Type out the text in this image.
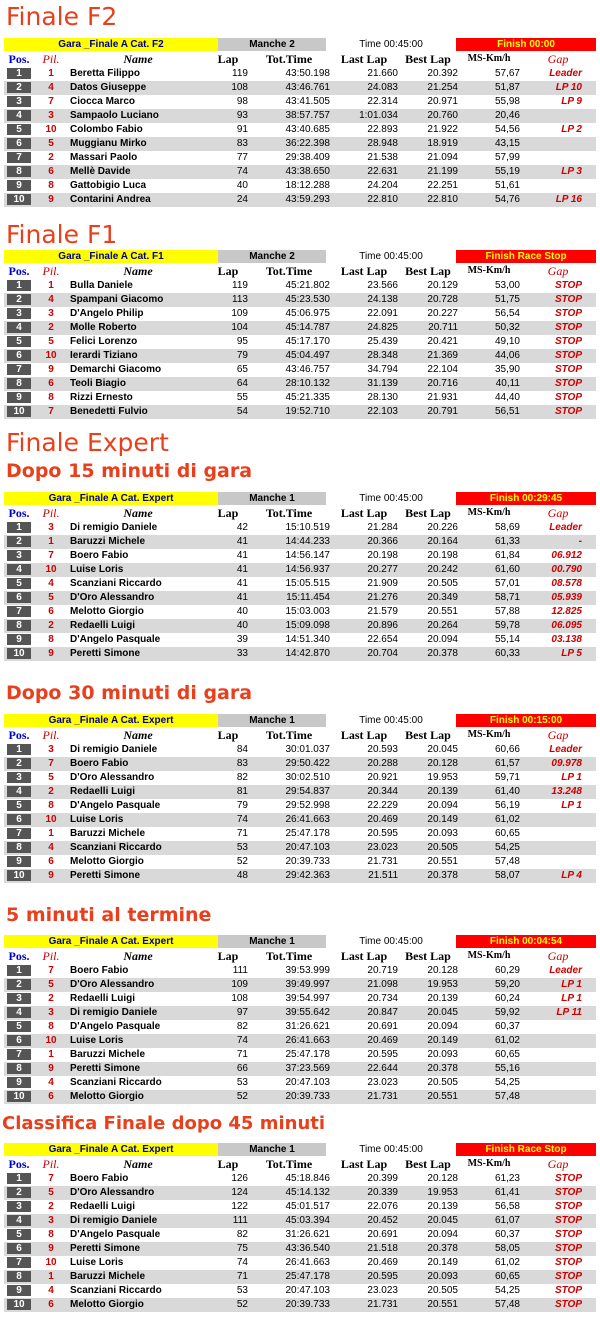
Finale F2
Gara _Finale A Cat. F2	Manche 2	Time 00:45:00	Finish 00:00
Pos.	Pil.	Name	Lap	Tot.Time	Last Lap	Best Lap	MS-Km/h	Gap
1	1	Beretta Filippo	119	43:50.198	21.660	20.392	57,67	Leader
2	4	Datos Giuseppe	108	43:46.761	24.083	21.254	51,87	LP 10
3	7	Ciocca Marco	98	43:41.505	22.314	20.971	55,98	LP 9
4	3	Sampaolo Luciano	93	38:57.757	1:01.034	20.760	20,46
5	10	Colombo Fabio	91	43:40.685	22.893	21.922	54,56	LP 2
6	5	Muggianu Mirko	83	36:22.398	28.948	18.919	43,15
7	2	Massari Paolo	77	29:38.409	21.538	21.094	57,99
8	6	Mellè Davide	74	43:38.650	22.631	21.199	55,19	LP 3
9	8	Gattobigio Luca	40	18:12.288	24.204	22.251	51,61
10	9	Contarini Andrea	24	43:59.293	22.810	22.810	54,76	LP 16
Finale F1
Gara _Finale A Cat. F1	Manche 2	Time 00:45:00	Finish Race Stop
Pos.	Pil.	Name	Lap	Tot.Time	Last Lap	Best Lap	MS-Km/h	Gap
1	1	Bulla Daniele	119	45:21.802	23.566	20.129	53,00	STOP
2	4	Spampani Giacomo	113	45:23.530	24.138	20.728	51,75	STOP
3	3	D'Angelo Philip	109	45:06.975	22.091	20.227	56,54	STOP
4	2	Molle Roberto	104	45:14.787	24.825	20.711	50,32	STOP
5	5	Felici Lorenzo	95	45:17.170	25.439	20.421	49,10	STOP
6	10	Ierardi Tiziano	79	45:04.497	28.348	21.369	44,06	STOP
7	9	Demarchi Giacomo	65	43:46.757	34.794	22.104	35,90	STOP
8	6	Teoli Biagio	64	28:10.132	31.139	20.716	40,11	STOP
9	8	Rizzi Ernesto	55	45:21.335	28.130	21.931	44,40	STOP
10	7	Benedetti Fulvio	54	19:52.710	22.103	20.791	56,51	STOP
Finale Expert
Dopo 15 minuti di gara
Gara _Finale A Cat. Expert	Manche 1	Time 00:45:00	Finish 00:29:45
Pos.	Pil.	Name	Lap	Tot.Time	Last Lap	Best Lap	MS-Km/h	Gap
1	3	Di remigio Daniele	42	15:10.519	21.284	20.226	58,69	Leader
2	1	Baruzzi Michele	41	14:44.233	20.366	20.164	61,33	-
3	7	Boero Fabio	41	14:56.147	20.198	20.198	61,84	06.912
4	10	Luise Loris	41	14:56.937	20.277	20.242	61,60	00.790
5	4	Scanziani Riccardo	41	15:05.515	21.909	20.505	57,01	08.578
6	5	D'Oro Alessandro	41	15:11.454	21.276	20.349	58,71	05.939
7	6	Melotto Giorgio	40	15:03.003	21.579	20.551	57,88	12.825
8	2	Redaelli Luigi	40	15:09.098	20.896	20.264	59,78	06.095
9	8	D'Angelo Pasquale	39	14:51.340	22.654	20.094	55,14	03.138
10	9	Peretti Simone	33	14:42.870	20.704	20.378	60,33	LP 5
Dopo 30 minuti di gara
Gara _Finale A Cat. Expert	Manche 1	Time 00:45:00	Finish 00:15:00
Pos.	Pil.	Name	Lap	Tot.Time	Last Lap	Best Lap	MS-Km/h	Gap
1	3	Di remigio Daniele	84	30:01.037	20.593	20.045	60,66	Leader
2	7	Boero Fabio	83	29:50.422	20.288	20.128	61,57	09.978
3	5	D'Oro Alessandro	82	30:02.510	20.921	19.953	59,71	LP 1
4	2	Redaelli Luigi	81	29:54.837	20.344	20.139	61,40	13.248
5	8	D'Angelo Pasquale	79	29:52.998	22.229	20.094	56,19	LP 1
6	10	Luise Loris	74	26:41.663	20.469	20.149	61,02
7	1	Baruzzi Michele	71	25:47.178	20.595	20.093	60,65
8	4	Scanziani Riccardo	53	20:47.103	23.023	20.505	54,25
9	6	Melotto Giorgio	52	20:39.733	21.731	20.551	57,48
10	9	Peretti Simone	48	29:42.363	21.511	20.378	58,07	LP 4
5 minuti al termine
Gara _Finale A Cat. Expert	Manche 1	Time 00:45:00	Finish 00:04:54
Pos.	Pil.	Name	Lap	Tot.Time	Last Lap	Best Lap	MS-Km/h	Gap
1	7	Boero Fabio	111	39:53.999	20.719	20.128	60,29	Leader
2	5	D'Oro Alessandro	109	39:49.997	21.098	19.953	59,20	LP 1
3	2	Redaelli Luigi	108	39:54.997	20.734	20.139	60,24	LP 1
4	3	Di remigio Daniele	97	39:55.642	20.847	20.045	59,92	LP 11
5	8	D'Angelo Pasquale	82	31:26.621	20.691	20.094	60,37
6	10	Luise Loris	74	26:41.663	20.469	20.149	61,02
7	1	Baruzzi Michele	71	25:47.178	20.595	20.093	60,65
8	9	Peretti Simone	66	37:23.569	22.644	20.378	55,16
9	4	Scanziani Riccardo	53	20:47.103	23.023	20.505	54,25
10	6	Melotto Giorgio	52	20:39.733	21.731	20.551	57,48
Classifica Finale dopo 45 minuti
Gara _Finale A Cat. Expert	Manche 1	Time 00:45:00	Finish Race Stop
Pos.	Pil.	Name	Lap	Tot.Time	Last Lap	Best Lap	MS-Km/h	Gap
1	7	Boero Fabio	126	45:18.846	20.399	20.128	61,23	STOP
2	5	D'Oro Alessandro	124	45:14.132	20.339	19.953	61,41	STOP
3	2	Redaelli Luigi	122	45:01.517	22.076	20.139	56,58	STOP
4	3	Di remigio Daniele	111	45:03.394	20.452	20.045	61,07	STOP
5	8	D'Angelo Pasquale	82	31:26.621	20.691	20.094	60,37	STOP
6	9	Peretti Simone	75	43:36.540	21.518	20.378	58,05	STOP
7	10	Luise Loris	74	26:41.663	20.469	20.149	61,02	STOP
8	1	Baruzzi Michele	71	25:47.178	20.595	20.093	60,65	STOP
9	4	Scanziani Riccardo	53	20:47.103	23.023	20.505	54,25	STOP
10	6	Melotto Giorgio	52	20:39.733	21.731	20.551	57,48	STOP
